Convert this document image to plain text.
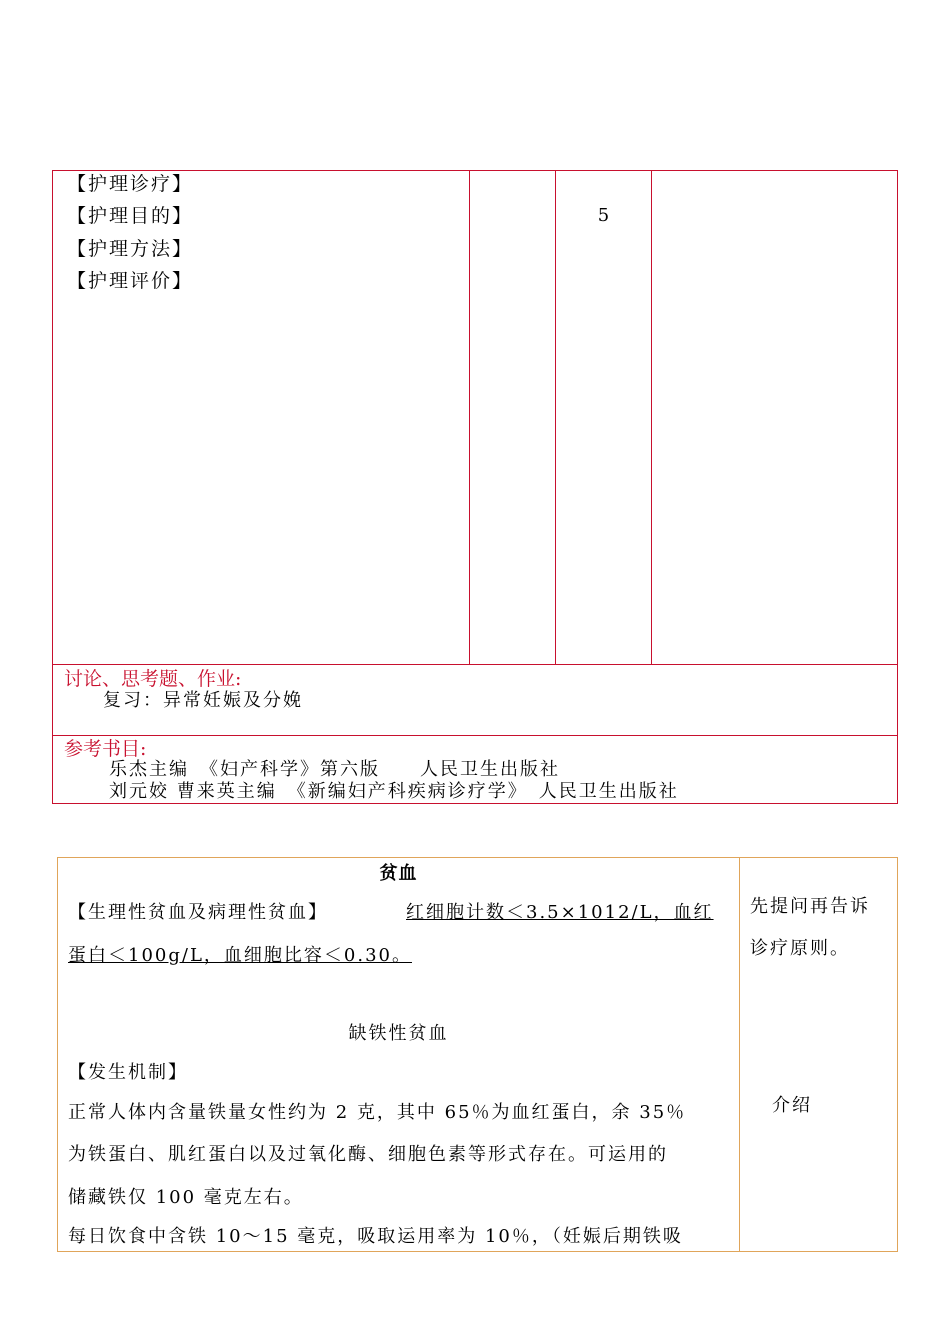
【护理诊疗】
【护理目的】
【护理方法】
【护理评价】
5
讨论、思考题、作业:
复习：异常妊娠及分娩
参考书目:
乐杰主编　《妇产科学》第六版　　人民卫生出版社
刘元姣 曹来英主编　《新编妇产科疾病诊疗学》　人民卫生出版社
贫血
【生理性贫血及病理性贫血】	红细胞计数＜3.5×1012/L，血红
蛋白＜100g/L，血细胞比容＜0.30。
缺铁性贫血
【发生机制】
正常人体内含量铁量女性约为 2 克，其中 65％为血红蛋白，余 35％
为铁蛋白、肌红蛋白以及过氧化酶、细胞色素等形式存在。可运用的
储藏铁仅 100 毫克左右。
每日饮食中含铁 10～15 毫克，吸取运用率为 10％，（妊娠后期铁吸
先提问再告诉
诊疗原则。
介绍
